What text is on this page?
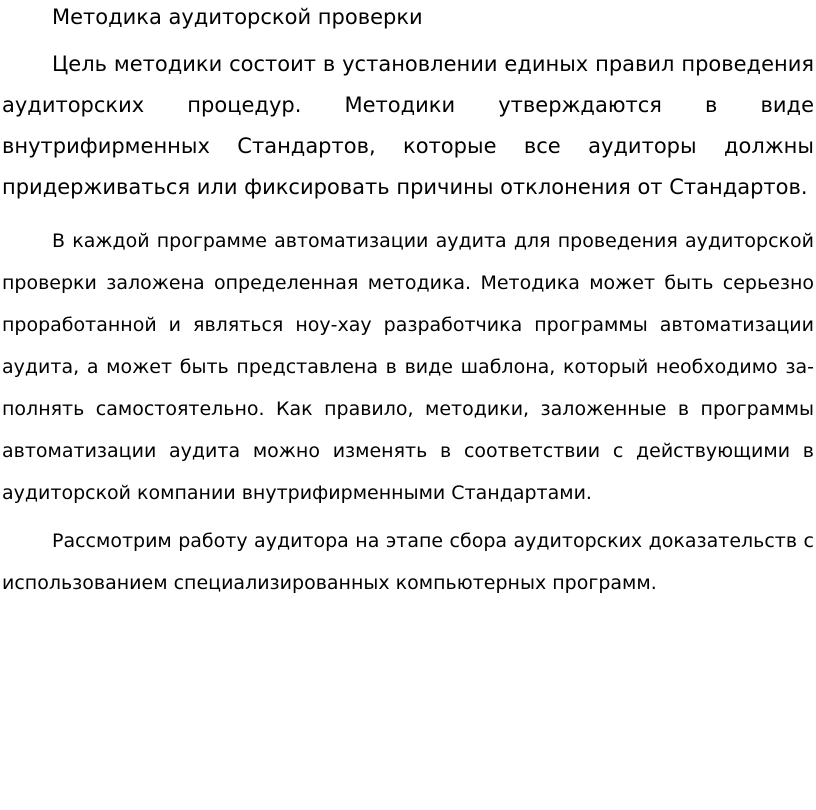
Методика аудиторской проверки

Цель методики состоит в установлении единых правил проведения аудиторских процедур. Методики утверждаются в виде внутрифирменных Стандартов, которые все аудиторы должны придерживаться или фиксировать причины отклонения от Стандартов.

В каждой программе автоматизации аудита для проведения аудиторской проверки заложена определенная методика. Методика может быть серьезно проработанной и являться ноу-хау разработчика программы автоматизации аудита, а может быть представлена в виде шаблона, который необходимо заполнять самостоятельно. Как правило, методики, заложенные в программы автоматизации аудита можно изменять в соответствии с действующими в аудиторской компании внутрифирменными Стандартами.

Рассмотрим работу аудитора на этапе сбора аудиторских доказательств с использованием специализированных компьютерных программ.
